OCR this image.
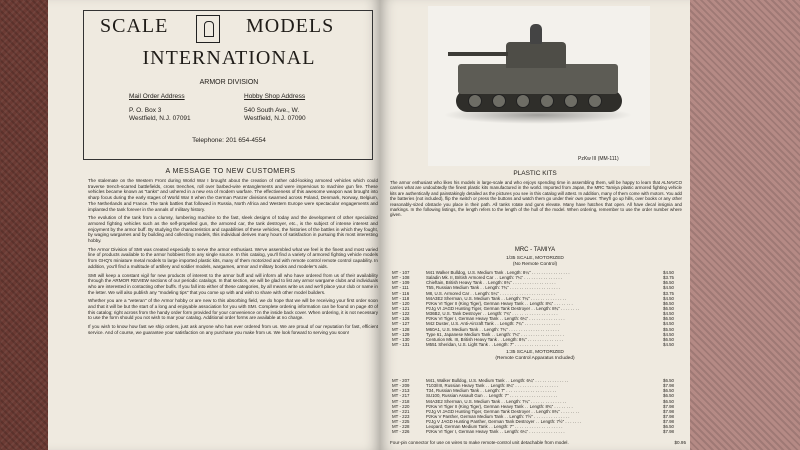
SCALE	MODELS
INTERNATIONAL
ARMOR DIVISION
Mail Order Address
P. O. Box 3
Westfield, N.J. 07091
Hobby Shop Address
540 South Ave., W.
Westfield, N.J. 07090
Telephone: 201 654-4554
A MESSAGE TO NEW CUSTOMERS

The stalemate on the Western Front during World War I brought about the creation of rather odd-looking armored vehicles which could traverse trench-scarred battlefields, cross trenches, roll over barbed-wire entanglements and were impervious to machine gun fire. These vehicles became known as "tanks" and ushered in a new era of modern warfare. The effectiveness of this awesome weapon was brought into sharp focus during the early stages of World War II when the German Panzer divisions swarmed across Poland, Denmark, Norway, Belgium, The Netherlands and France. The tank battles that followed in Russia, North Africa and Western Europe were spectacular engagements and implanted the tank forever in the annals of military history.

The evolution of the tank from a clumsy, lumbering machine to the fast, sleek designs of today and the development of other specialized armored fighting vehicles such as the self-propelled gun, the armored car, the tank destroyer, etc., is the subject of intense interest and enjoyment by the armor buff. By studying the characteristics and capabilities of these vehicles, the histories of the battles in which they fought, by waging wargames and by building and collecting models, this individual derives many hours of satisfaction in pursuing this most interesting hobby.

The Armor Division of SMI was created especially to serve the armor enthusiast. We've assembled what we feel is the finest and most varied line of products available to the armor hobbiest from any single source. In this catalog, you'll find a variety of armored fighting vehicle models from GHQ's miniature metal models to large imported plastic kits, many of them motorized and with remote control remote control capability. In addition, you'll find a multitude of artillery and soldier models, wargames, armor and military books and modeler's aids.

SMI will keep a constant vigil for new products of interest to the armor buff and will inform all who have ordered from us of their availability through the ARMOR REVIEW sections of our periodic catalogs. In that section, we will be glad to list any armor wargame clubs and individuals who are interested in contacting other buffs. If you fall into either of these categories, by all means write us and we'll place your club or name in the letter. We will also publish any "modeling tips" that you come up with and wish to share with other model builders.

Whether you are a "veteran" of the Armor hobby or are new to this absorbing field, we do hope that we will be receiving your first order soon and that it will be but the start of a long and enjoyable association for you with SMI. Complete ordering information can be found on page 40 of this catalog; right across from the handy order form provided for your convenience on the inside back cover. When ordering, it is not necessary to use the form should you not wish to mar your catalog. Additional order forms are available at no charge.

If you wish to know how fast we ship orders, just ask anyone who has ever ordered from us. We are proud of our reputation for fast, efficient service. And of course, we guarantee your satisfaction on any purchase you make from us. We look forward to serving you soon!

PzKw III (MM-111)
PLASTIC KITS
The armor enthusiast who likes his models in large-scale and who enjoys spending time in assembling them, will be happy to learn that ALNAVCO carries what are undoubtedly the finest plastic kits manufactured in the world. Imported from Japan, the MRC Tamiya plastic armored fighting vehicle kits are authentically and painstakingly detailed as the pictures you see in this catalog will attest. In addition, many of them come with motors. You add the batteries (not included), flip the switch or press the buttons and watch them go under their own power. They'll go up hills, over books or any other reasonably-sized obstacle you place in their path. All tanks rotate and guns elevate. Many have hatches that open. All have decal insignia and markings. In the following listings, the length refers to the length of the hull of the model. When ordering, remember to use the order number where given.
MRC - TAMIYA
1/35 SCALE, MOTORIZED
(No Remote Control)
MT - 107	M41 Walker Bulldog, U.S. Medium Tank . Length: 8¼" . . . . . . . . . . . . . . . .	$4.50
MT - 108	Saladin Mk. II, British Armored Car . . Length: 7¼" . . . . . . . . . . . . . . . .	$3.75
MT - 109	Chieftain, British Heavy Tank . . Length: 8¾" . . . . . . . . . . . . . . . . . .	$6.50
MT - 111	T55, Russian Medium Tank . . Length: 7¾" . . . . . . . . . . . . . . . . . . . . .	$4.50
MT - 116	M8, U.S. Armored Car . . Length: 5¼" . . . . . . . . . . . . . . . . . . . . . . .	$3.75
MT - 118	M4A3E2 Sherman, U.S. Medium Tank . . Length: 7¼" . . . . . . . . . . . . . . .	$4.50
MT - 120	PzKw VI Tiger II (King Tiger), German Heavy Tank . . Length: 8¾" . . . . . . . .	$6.50
MT - 121	PzJg VI JAGD Hunting Tiger, German Tank Destroyer . . Length: 8¾" . . . . . . . .	$6.50
MT - 122	M36B2, U.S. Tank Destroyer . . Length: 7¾" . . . . . . . . . . . . . . . . . . .	$4.50
MT - 126	PzKw VI Tiger I, German Heavy Tank . . Length: 6¼" . . . . . . . . . . . . . . .	$6.50
MT - 127	M42 Duster, U.S. Anti-Aircraft Tank . . Length: 7¾" . . . . . . . . . . . . . . .	$4.50
MT - 128	M60A1, U.S. Medium Tank . . Length: 7¾" . . . . . . . . . . . . . . . . . . . . .	$5.50
MT - 129	Type 61, Japanese Medium Tank . . Length: 7¼" . . . . . . . . . . . . . . . . . .	$4.50
MT - 130	Centurion Mk. III, British Heavy Tank . . Length: 8¾" . . . . . . . . . . . . . . .	$6.50
MT - 131	M551 Sheridan, U.S. Light Tank . . Length: 7" . . . . . . . . . . . . . . . . . .	$4.50
1:35 SCALE, MOTORIZED
(Remote Control Apparatus Included)
MT - 207	M41, Walker Bulldog, U.S. Medium Tank . . Length: 6¼" . . . . . . . . . . . . . .	$6.50
MT - 209	T103/IIII, Russian Heavy Tank . . Length: 8¼" . . . . . . . . . . . . . . . . . .	$7.98
MT - 213	T34, Russian Medium Tank . . Length: 7" . . . . . . . . . . . . . . . . . . . . .	$6.50
MT - 217	SU100, Russian Assault Gun . . Length: 7" . . . . . . . . . . . . . . . . . . . .	$6.50
MT - 218	M4A3E2 Sherman, U.S. Medium Tank . . Length: 7¼" . . . . . . . . . . . . . . .	$6.50
MT - 220	PzKw VI Tiger II (King Tiger), German Heavy Tank . . Length: 8¾" . . . . . . . .	$7.98
MT - 221	PzJg VI JAGD Hunting Tiger, German Tank Destroyer . . Length: 8¾" . . . . . . . .	$7.98
MT - 223	PzKw V Panther, German Medium Tank . . Length: 7½" . . . . . . . . . . . . . . .	$7.98
MT - 225	PzJg V JAGD Hunting Panther, German Tank Destroyer . . Length: 7½" . . . . . . .	$7.98
MT - 228	Leopard, German Medium Tank . . Length: 7" . . . . . . . . . . . . . . . . . . . .	$6.50
MT - 226	PzKw VI Tiger I, German Heavy Tank . . Length: 6¼" . . . . . . . . . . . . . . .	$7.98
Four-pin connector for use on wires to make remote-control unit detachable from model.	$0.95
